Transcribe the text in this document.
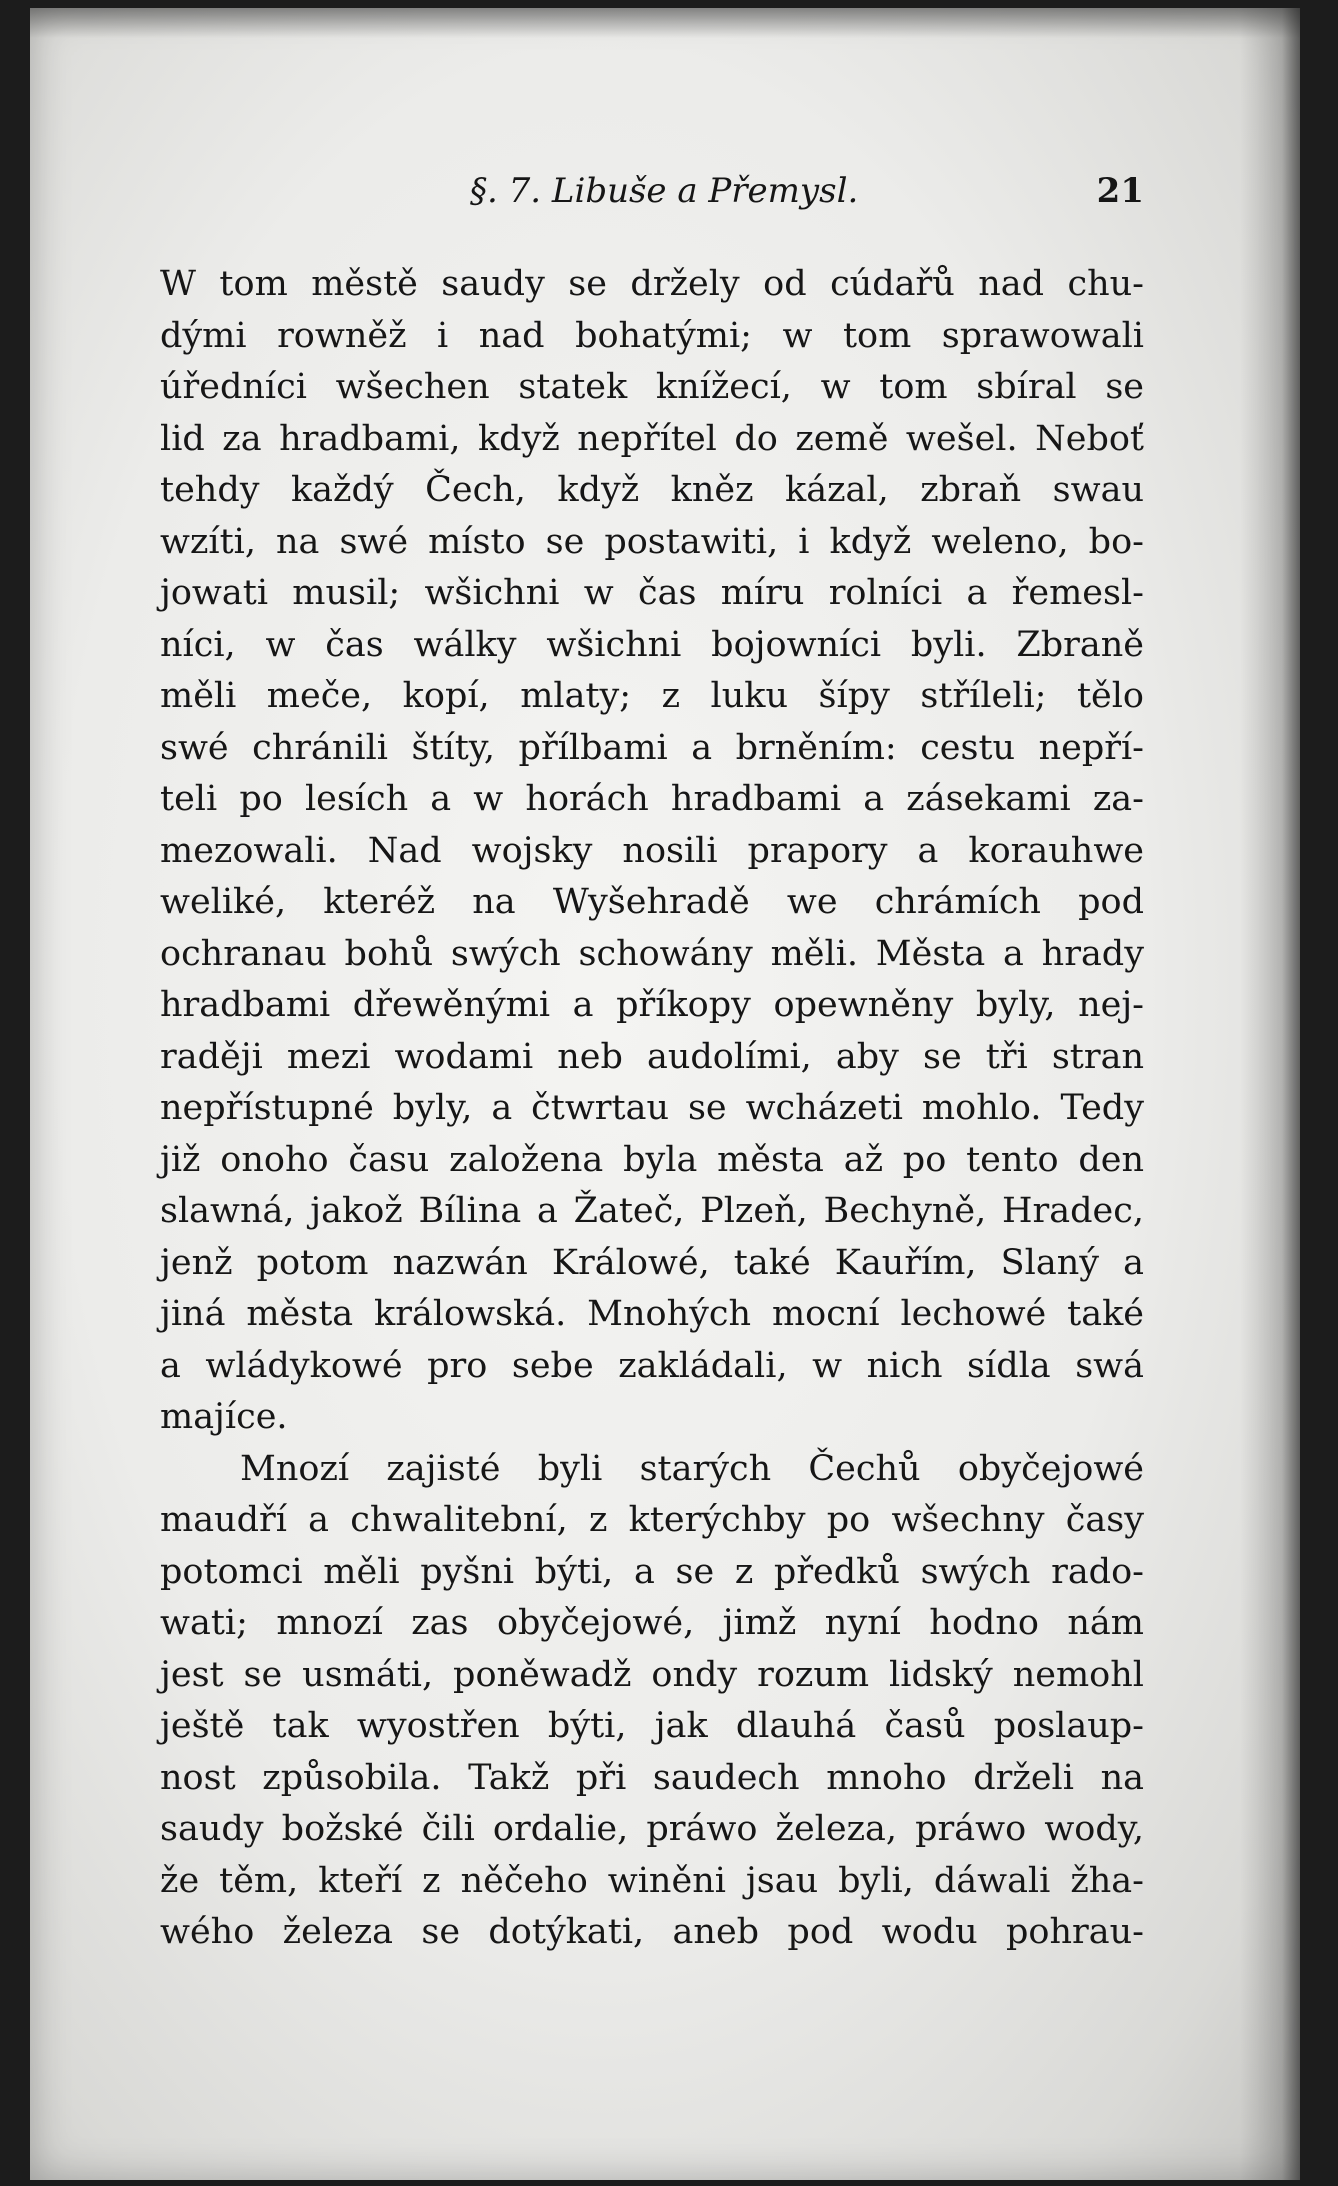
§. 7. Libuše a Přemysl.	21
W tom městě saudy se držely od cúdařů nad chu-
dými rowněž i nad bohatými; w tom sprawowali
úředníci wšechen statek knížecí, w tom sbíral se
lid za hradbami, když nepřítel do země wešel. Neboť
tehdy každý Čech, když kněz kázal, zbraň swau
wzíti, na swé místo se postawiti, i když weleno, bo-
jowati musil; wšichni w čas míru rolníci a řemesl-
níci, w čas wálky wšichni bojowníci byli. Zbraně
měli meče, kopí, mlaty; z luku šípy stříleli; tělo
swé chránili štíty, přílbami a brněním: cestu nepří-
teli po lesích a w horách hradbami a zásekami za-
mezowali. Nad wojsky nosili prapory a korauhwe
weliké, kteréž na Wyšehradě we chrámích pod
ochranau bohů swých schowány měli. Města a hrady
hradbami dřewěnými a příkopy opewněny byly, nej-
raději mezi wodami neb audolími, aby se tři stran
nepřístupné byly, a čtwrtau se wcházeti mohlo. Tedy
již onoho času založena byla města až po tento den
slawná, jakož Bílina a Žateč, Plzeň, Bechyně, Hradec,
jenž potom nazwán Králowé, také Kauřím, Slaný a
jiná města králowská. Mnohých mocní lechowé také
a wládykowé pro sebe zakládali, w nich sídla swá
majíce.
Mnozí zajisté byli starých Čechů obyčejowé
maudří a chwalitební, z kterýchby po wšechny časy
potomci měli pyšni býti, a se z předků swých rado-
wati; mnozí zas obyčejowé, jimž nyní hodno nám
jest se usmáti, poněwadž ondy rozum lidský nemohl
ještě tak wyostřen býti, jak dlauhá časů poslaup-
nost způsobila. Takž při saudech mnoho drželi na
saudy božské čili ordalie, práwo železa, práwo wody,
že těm, kteří z něčeho winěni jsau byli, dáwali žha-
wého železa se dotýkati, aneb pod wodu pohrau-
